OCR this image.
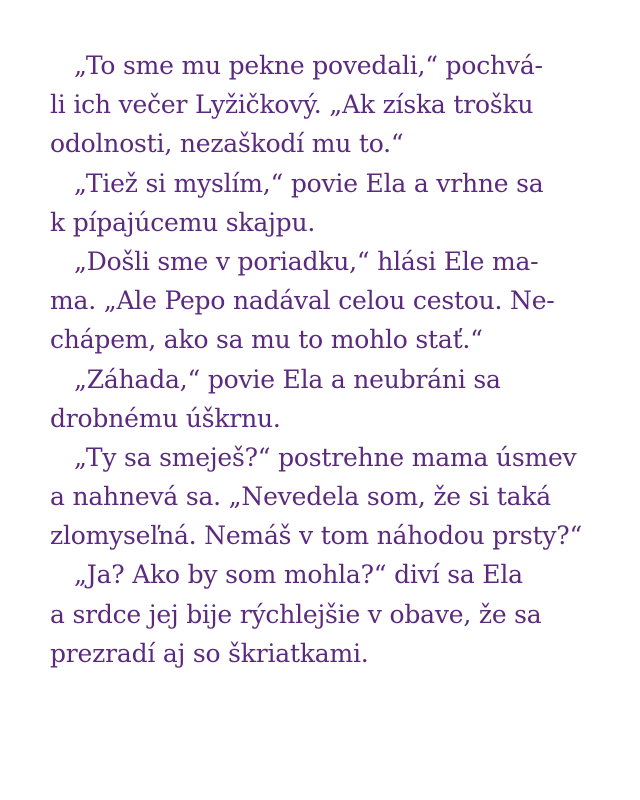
„To sme mu pekne povedali,“ pochvá-
li ich večer Lyžičkový. „Ak získa trošku
odolnosti, nezaškodí mu to.“
„Tiež si myslím,“ povie Ela a vrhne sa
k pípajúcemu skajpu.
„Došli sme v poriadku,“ hlási Ele ma-
ma. „Ale Pepo nadával celou cestou. Ne-
chápem, ako sa mu to mohlo stať.“
„Záhada,“ povie Ela a neubráni sa
drobnému úškrnu.
„Ty sa smeješ?“ postrehne mama úsmev
a nahnevá sa. „Nevedela som, že si taká
zlomyseľná. Nemáš v tom náhodou prsty?“
„Ja? Ako by som mohla?“ diví sa Ela
a srdce jej bije rýchlejšie v obave, že sa
prezradí aj so škriatkami.
